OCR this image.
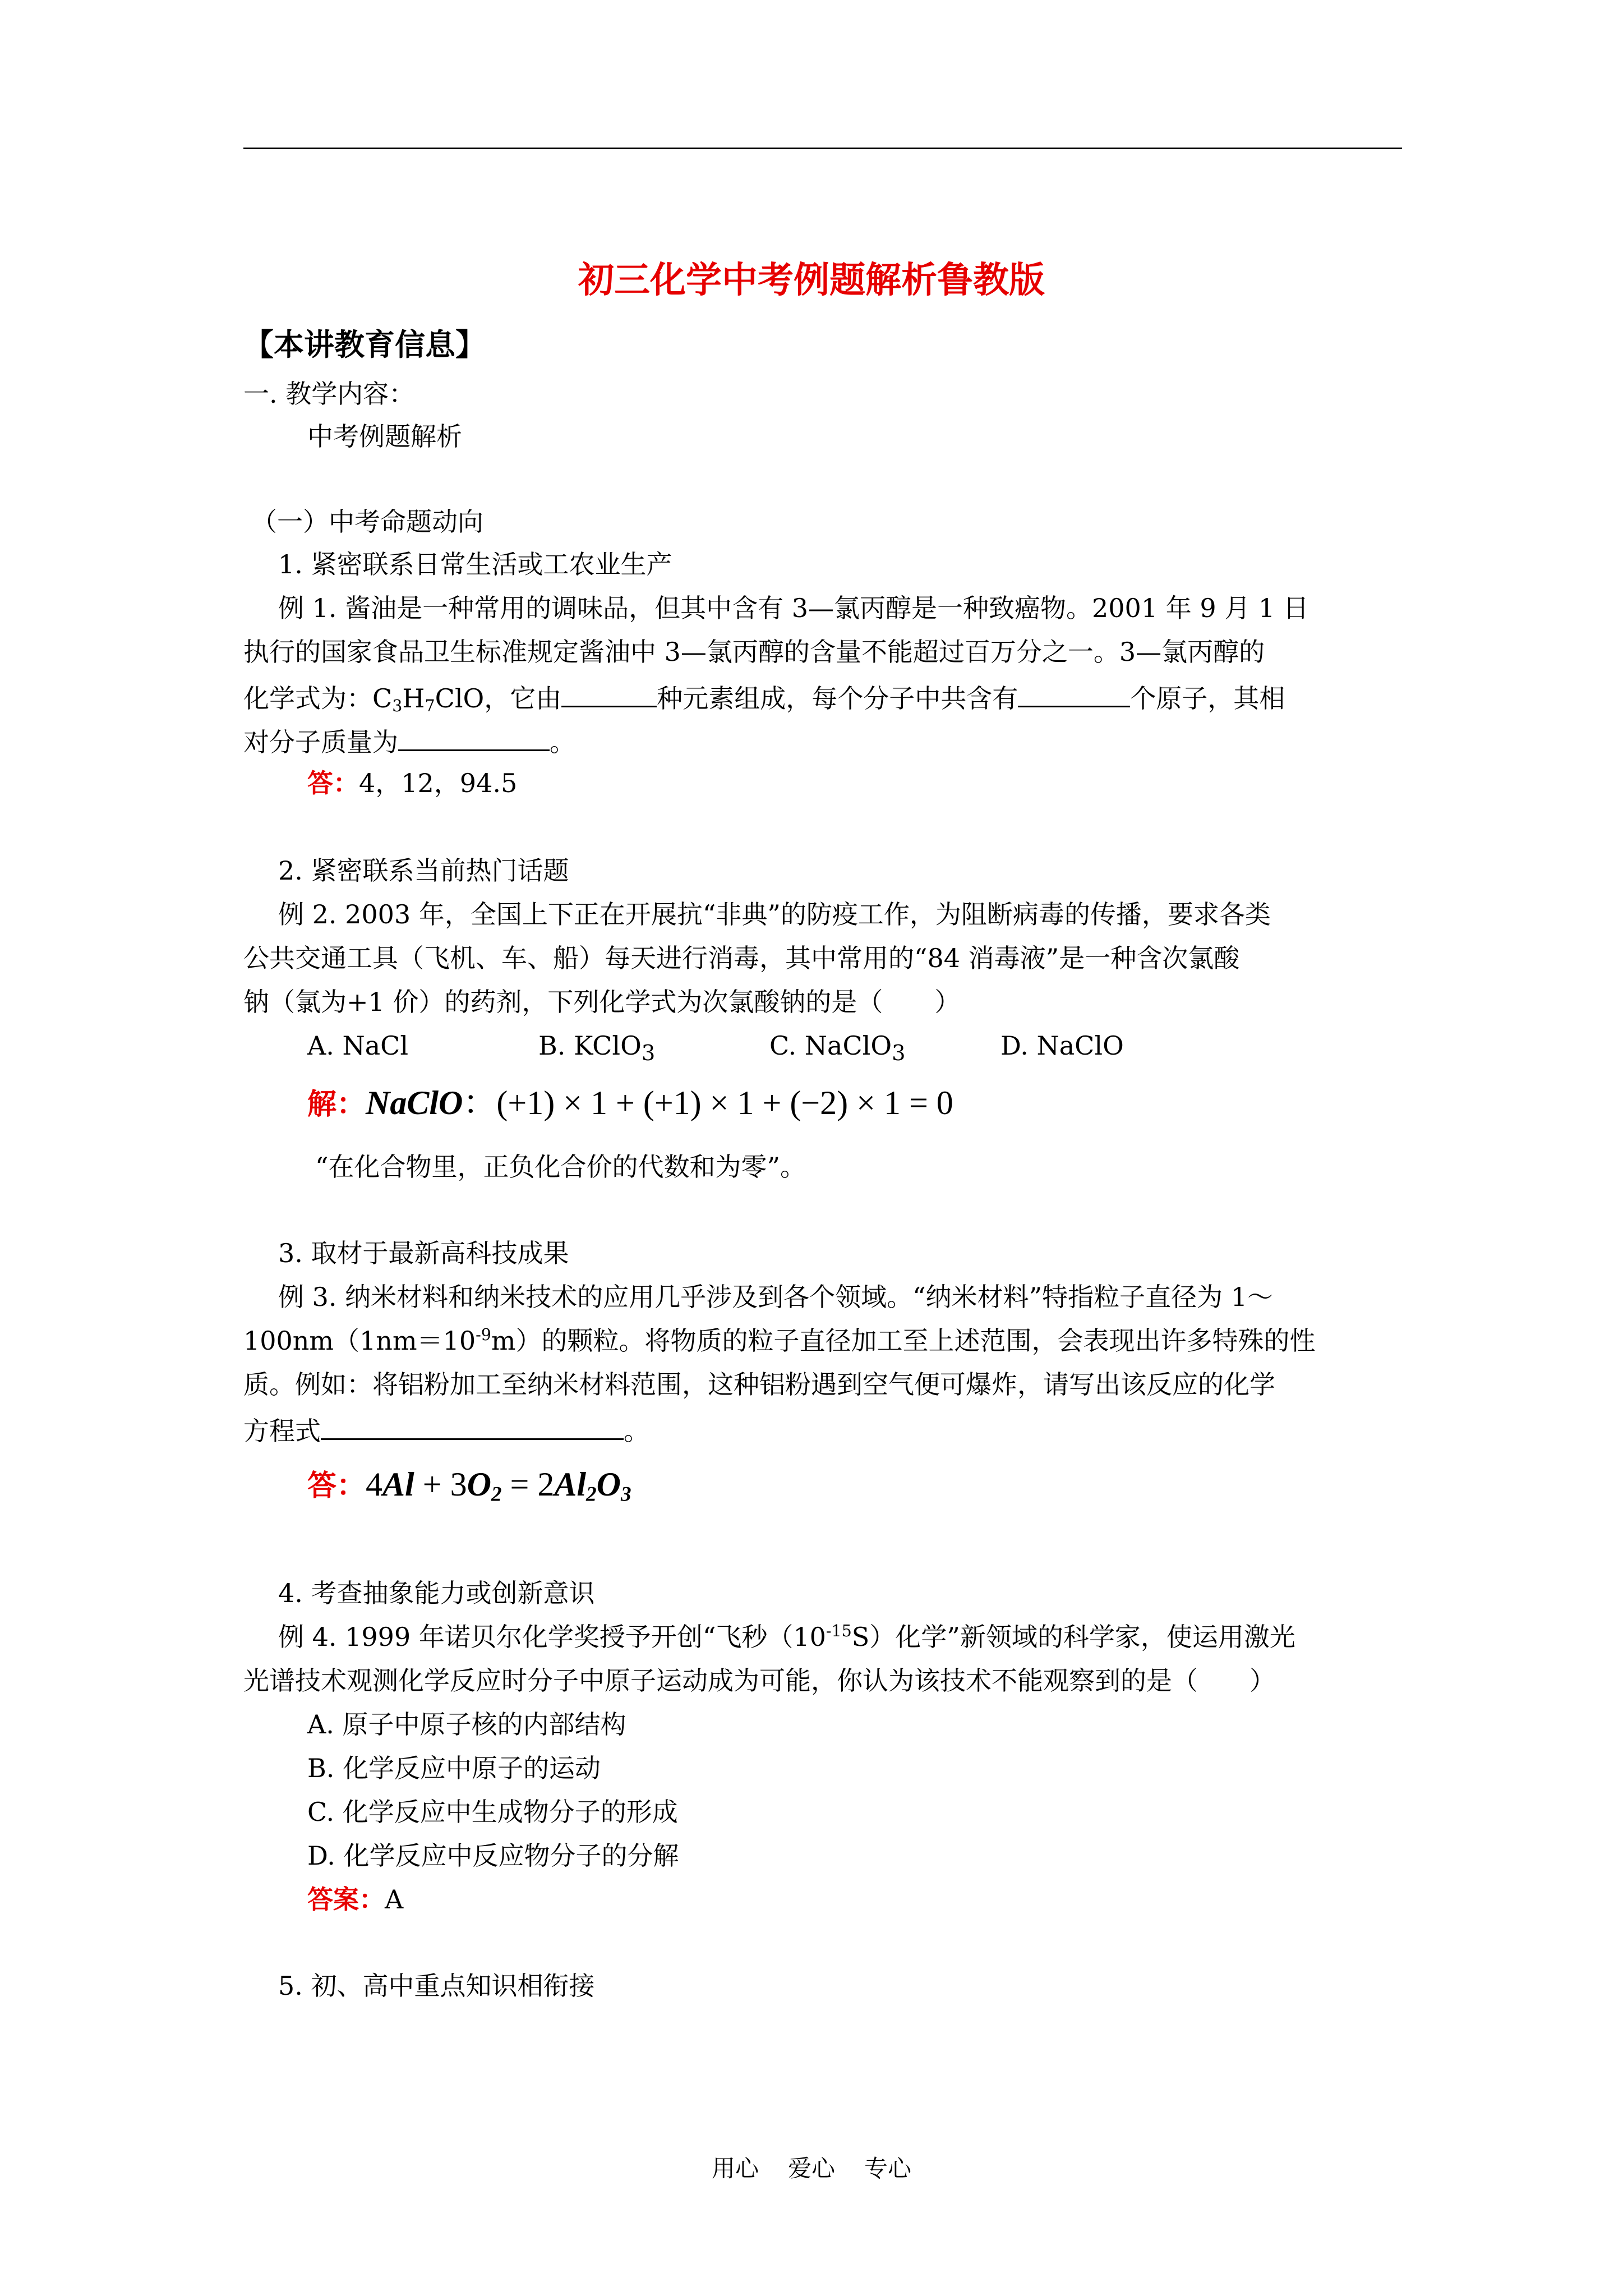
初三化学中考例题解析鲁教版
【本讲教育信息】
一. 教学内容：
中考例题解析
（一）中考命题动向
1. 紧密联系日常生活或工农业生产
例 1. 酱油是一种常用的调味品，但其中含有 3—氯丙醇是一种致癌物。2001 年 9 月 1 日
执行的国家食品卫生标准规定酱油中 3—氯丙醇的含量不能超过百万分之一。3—氯丙醇的
化学式为：$C_3H_7ClO$，它由	种元素组成，每个分子中共含有	个原子，其相
对分子质量为	。
答：4，12，94.5
2. 紧密联系当前热门话题
例 2. 2003 年，全国上下正在开展抗“非典”的防疫工作，为阻断病毒的传播，要求各类
公共交通工具（飞机、车、船）每天进行消毒，其中常用的“84 消毒液”是一种含次氯酸
钠（氯为+1 价）的药剂，下列化学式为次氯酸钠的是（　　）
A. NaCl	B. KClO$_3$	C. NaClO$_3$	D. NaClO
解：NaClO：(+1) × 1 + (+1) × 1 + (−2) × 1 = 0
“在化合物里，正负化合价的代数和为零”。
3. 取材于最新高科技成果
例 3. 纳米材料和纳米技术的应用几乎涉及到各个领域。“纳米材料”特指粒子直径为 1～
$100nm(1nm=10^{-9}m)$的颗粒。将物质的粒子直径加工至上述范围，会表现出许多特殊的性
质。例如：将铝粉加工至纳米材料范围，这种铝粉遇到空气便可爆炸，请写出该反应的化学
方程式	。
答：$4Al + 3O_2 = 2Al_2O_3$
4. 考查抽象能力或创新意识
例 4. 1999 年诺贝尔化学奖授予开创“飞秒$(10^{-15}S)$化学”新领域的科学家，使运用激光
光谱技术观测化学反应时分子中原子运动成为可能，你认为该技术不能观察到的是（　　）
A. 原子中原子核的内部结构
B. 化学反应中原子的运动
C. 化学反应中生成物分子的形成
D. 化学反应中反应物分子的分解
答案：A
5. 初、高中重点知识相衔接
用心 爱心 专心
